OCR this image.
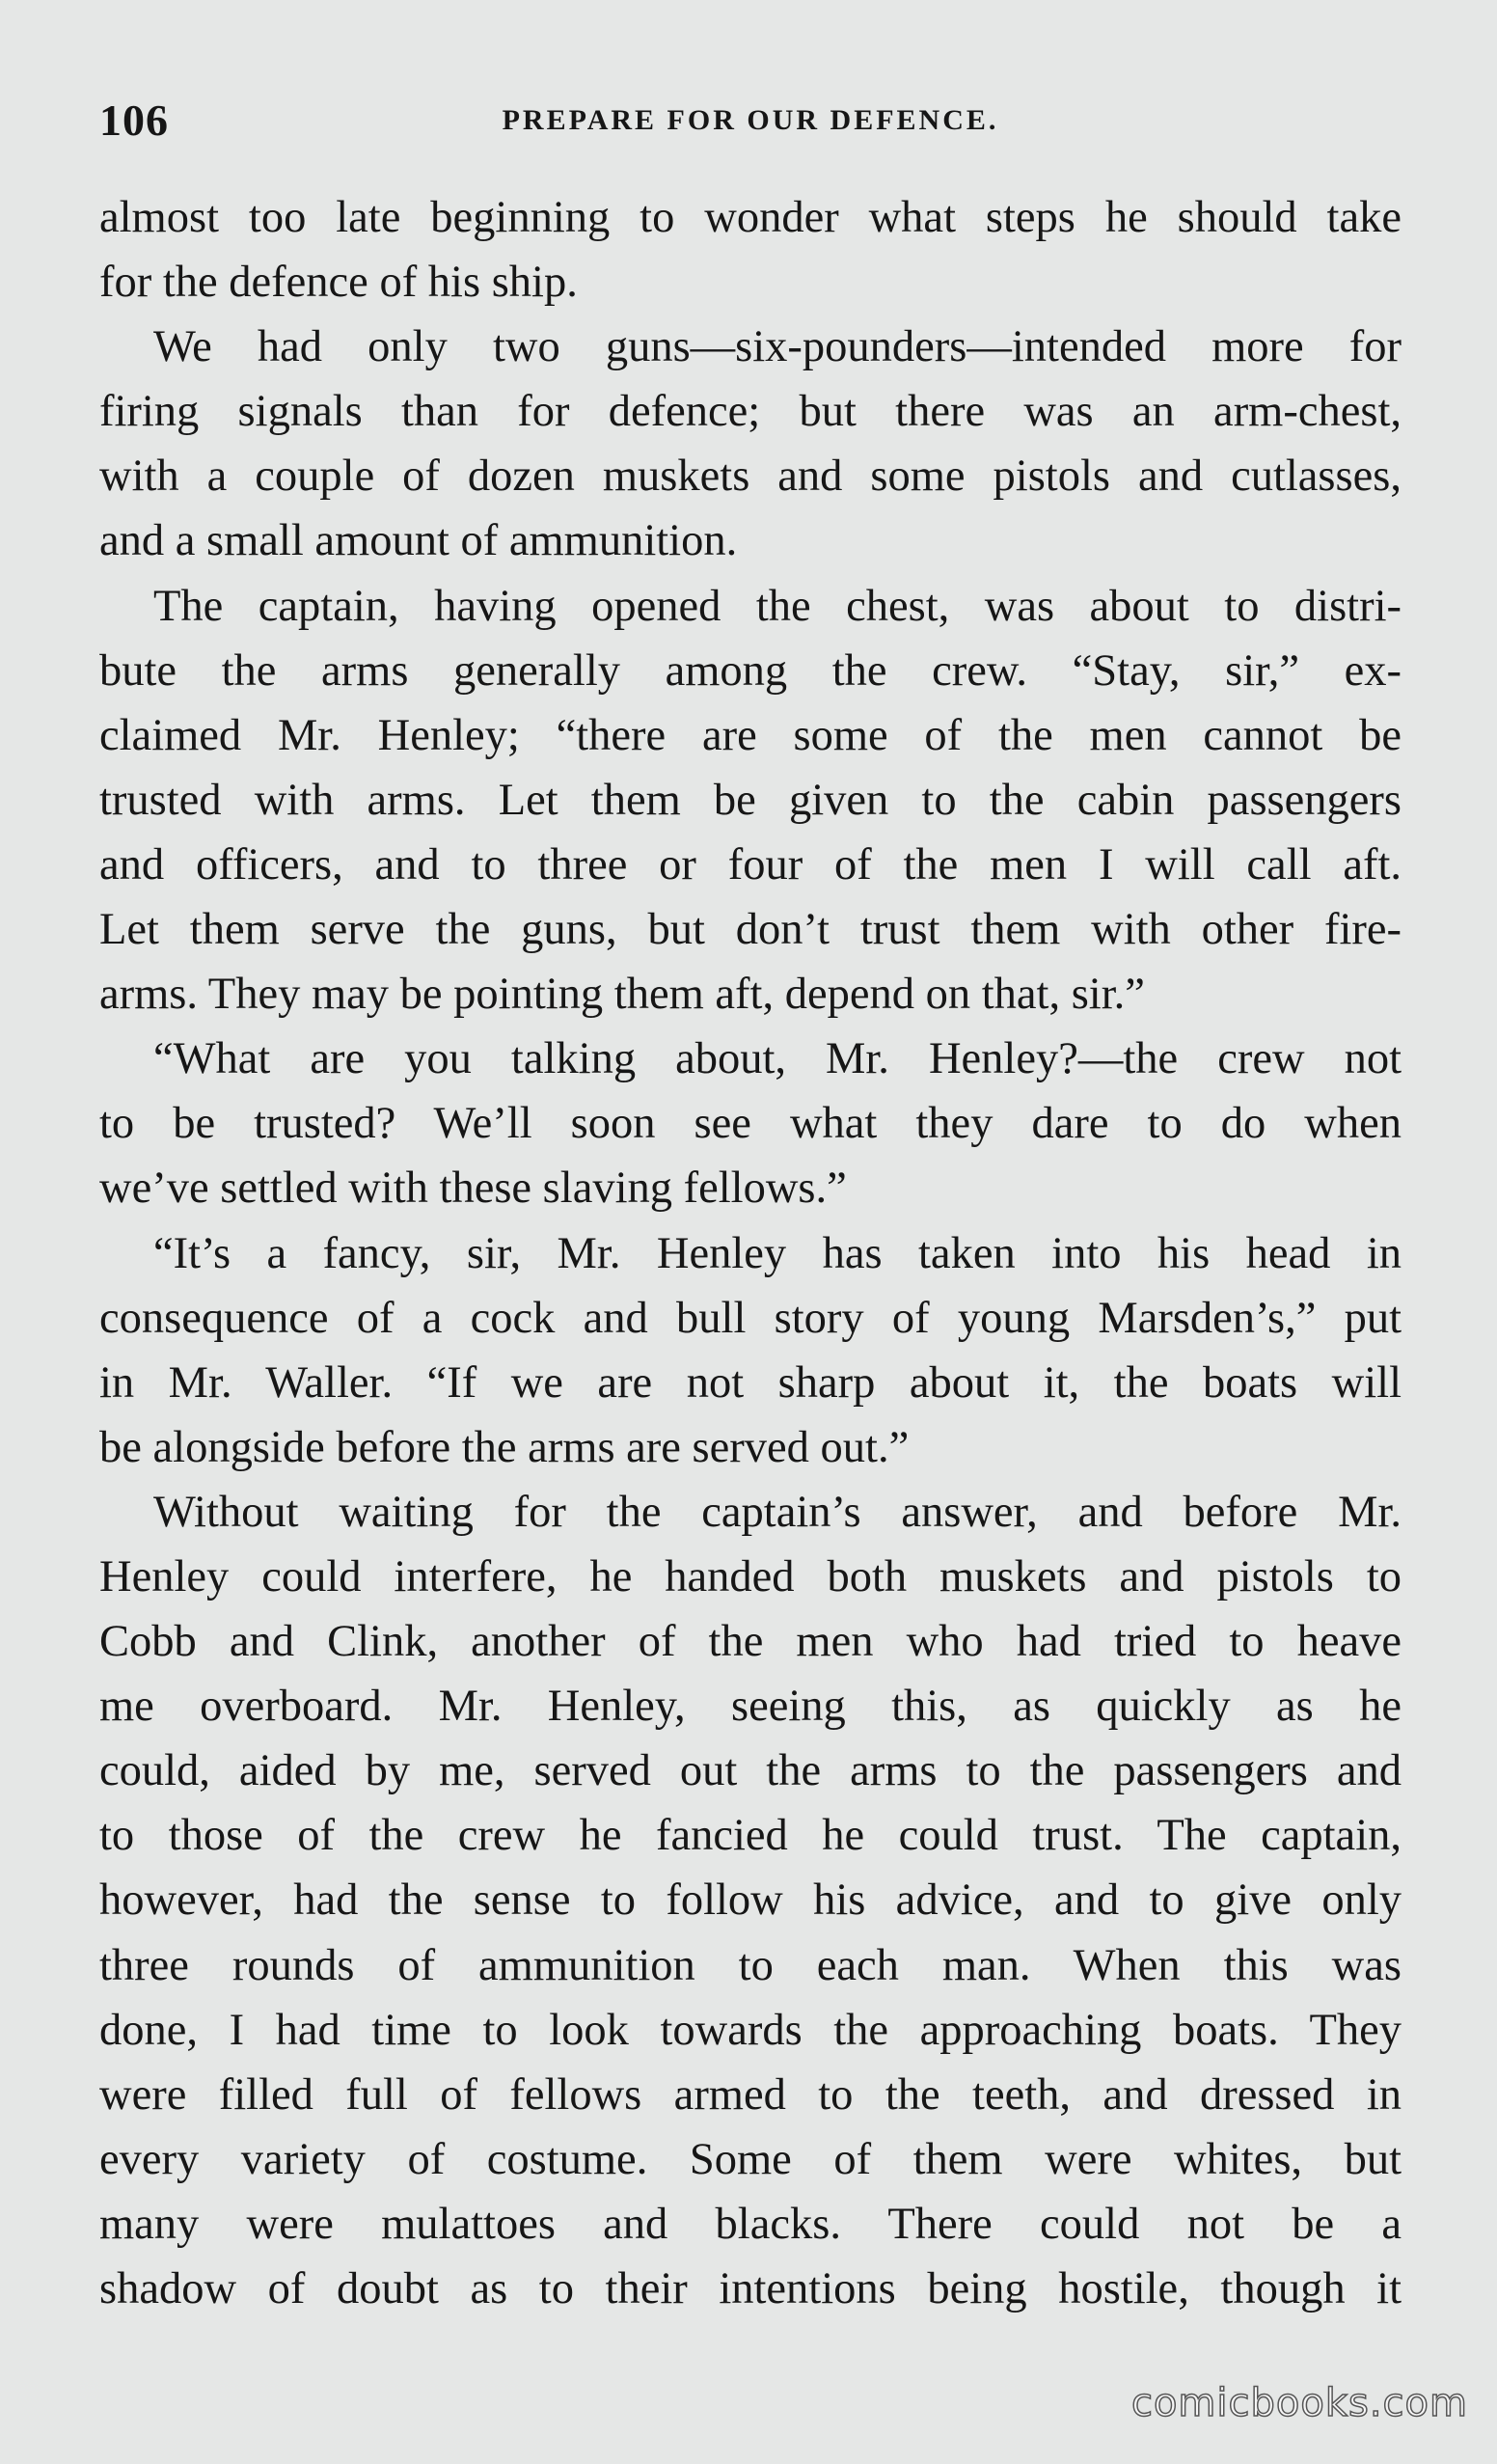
106	PREPARE FOR OUR DEFENCE.
almost too late beginning to wonder what steps he should take
for the defence of his ship.
We had only two guns—six-pounders—intended more for
firing signals than for defence; but there was an arm-chest,
with a couple of dozen muskets and some pistols and cutlasses,
and a small amount of ammunition.
The captain, having opened the chest, was about to distri-
bute the arms generally among the crew. “Stay, sir,” ex-
claimed Mr. Henley; “there are some of the men cannot be
trusted with arms. Let them be given to the cabin passengers
and officers, and to three or four of the men I will call aft.
Let them serve the guns, but don’t trust them with other fire-
arms. They may be pointing them aft, depend on that, sir.”
“What are you talking about, Mr. Henley?—the crew not
to be trusted? We’ll soon see what they dare to do when
we’ve settled with these slaving fellows.”
“It’s a fancy, sir, Mr. Henley has taken into his head in
consequence of a cock and bull story of young Marsden’s,” put
in Mr. Waller. “If we are not sharp about it, the boats will
be alongside before the arms are served out.”
Without waiting for the captain’s answer, and before Mr.
Henley could interfere, he handed both muskets and pistols to
Cobb and Clink, another of the men who had tried to heave
me overboard. Mr. Henley, seeing this, as quickly as he
could, aided by me, served out the arms to the passengers and
to those of the crew he fancied he could trust. The captain,
however, had the sense to follow his advice, and to give only
three rounds of ammunition to each man. When this was
done, I had time to look towards the approaching boats. They
were filled full of fellows armed to the teeth, and dressed in
every variety of costume. Some of them were whites, but
many were mulattoes and blacks. There could not be a
shadow of doubt as to their intentions being hostile, though it
comicbooks.com
